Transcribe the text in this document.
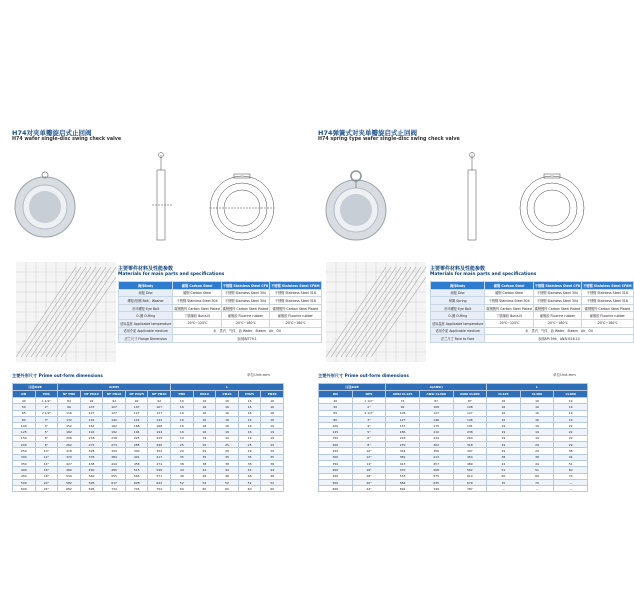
H74对夹单瓣旋启式止回阀
H74 wafer single-disc swing check valve
主要零件材料及性能参数
Materials for main parts and specifications
阀体Body	碳钢 Carbon Steel	不锈钢 Stainless Steel CF8	不锈钢 Stainless Steel CF8M
阀板 Disc	碳钢 Carbon Steel	不锈钢 Stainless Steel 304	不锈钢 Stainless Steel 316
螺栓/垫圈 Bolt、Washer	不锈钢 Stainless Steel 304	不锈钢 Stainless Steel 304	不锈钢 Stainless Steel 316
吊环螺栓 Eye Bolt	碳钢镀锌 Carbon Steel Plated	碳钢镀锌 Carbon Steel Plated	碳钢镀锌 Carbon Steel Plated
O-圈 O-Ring	丁腈橡胶 Buna-N	氟橡胶 Fluorine rubber	氟橡胶 Fluorine rubber
适用温度 Applicable temperature	-20℃~120℃	-20℃~180℃	-20℃~180℃
适用介质 Applicable medium	水、蒸汽、气体、油 Water、Steam、Air、Oil		
法兰尺寸 Flange Dimension	参照JB/T79.1		
主要外形尺寸 Prime out-form dimensions	单位Unit:mm
口径SIZE		A(MP)					L				
DN	PNS	NF PN6	NF PN10	NF PN16	NF PN25	NF PN40	PN6	PN10	PN16	PN25	PN40
40	1 1/2"	84	92	92	92	92	16	16	16	16	16
50	2"	96	107	107	107	107	16	16	16	16	16
65	2 1/2"	116	127	127	127	127	16	16	16	16	16
80	3"	132	142	142	142	142	16	16	16	16	16
100	4"	152	162	162	168	168	16	16	16	16	19
125	5"	182	192	192	194	194	16	16	16	16	19
150	6"	206	218	218	225	225	19	19	19	19	19
200	8"	262	273	273	285	290	25	25	25	25	29
250	10"	318	328	329	340	352	29	29	29	29	29
300	12"	370	378	384	401	417	35	35	35	35	35
350	14"	427	438	444	458	474	38	38	38	38	38
400	16"	480	490	495	515	546	44	44	44	44	44
450	18"	530	540	555	565	571	48	48	48	48	48
500	20"	582	595	617	628	642	52	52	52	52	52
600	24"	682	695	734	745	752	60	60	60	60	60
H74弹簧式对夹单瓣旋启式止回阀
H74 spring type wafer single-disc swing check valve
主要零件材料及性能参数
Materials for main parts and specifications
阀体Body	碳钢 Carbon Steel	不锈钢 Stainless Steel CF8	不锈钢 Stainless Steel CF8M
阀板 Disc	碳钢 Carbon Steel	不锈钢 Stainless Steel 304	不锈钢 Stainless Steel 316
弹簧 Spring	不锈钢 Stainless Steel 304	不锈钢 Stainless Steel 304	不锈钢 Stainless Steel 316
吊环螺栓 Eye Bolt	碳钢镀锌 Carbon Steel Plated	碳钢镀锌 Carbon Steel Plated	碳钢镀锌 Carbon Steel Plated
O-圈 O-Ring	丁腈橡胶 Buna-N	氟橡胶 Fluorine rubber	氟橡胶 Fluorine rubber
适用温度 Applicable temperature	-20℃~120℃	-20℃~180℃	-20℃~180℃
适用介质 Applicable medium	水、蒸汽、气体、油 Water、Steam、Air、Oil		
法兰尺寸 Face to Face	参照API 594、ANSI B16.10		
主要外形尺寸 Prime out-form dimensions	单位Unit:mm
口径SIZE		A(ANSI)			L		
DN	NPS	ANSI CL125	ANSI CL300	ANSI CL600	CL125	CL300	CL600
40	1 1/2"	73	87	87	16	16	19
50	2"	92	108	108	16	16	19
65	2 1/2"	105	127	127	16	16	19
80	3"	127	146	146	16	16	19
100	4"	157	175	191	19	19	22
125	5"	186	210	238	19	19	22
150	6"	216	244	264	19	19	22
200	8"	270	302	318	29	29	29
250	10"	324	356	397	29	29	38
300	12"	381	413	454	38	38	44
350	14"	413	457	489	44	44	51
400	16"	470	508	562	51	51	60
450	18"	533	575	610	60	60	70
500	20"	584	635	679	70	70	—
600	24"	692	749	787	—	—	—
